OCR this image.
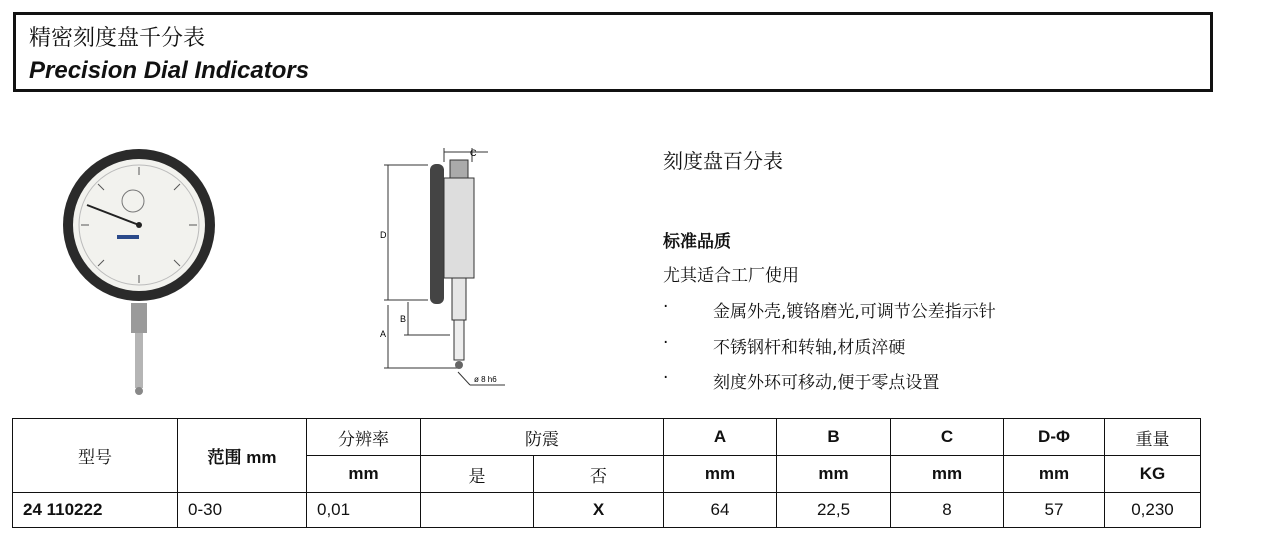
精密刻度盘千分表
Precision Dial Indicators
C
D
B
A
ø 8 h6
刻度盘百分表
标准品质
尤其适合工厂使用
·	金属外壳,镀铬磨光,可调节公差指示针
·	不锈钢杆和转轴,材质淬硬
·	刻度外环可移动,便于零点设置
型号	范围 mm	分辨率	防震		A	B	C	D-Φ	重量
		mm	是	否	mm	mm	mm	mm	KG
24 110222	0-30	0,01		X	64	22,5	8	57	0,230
